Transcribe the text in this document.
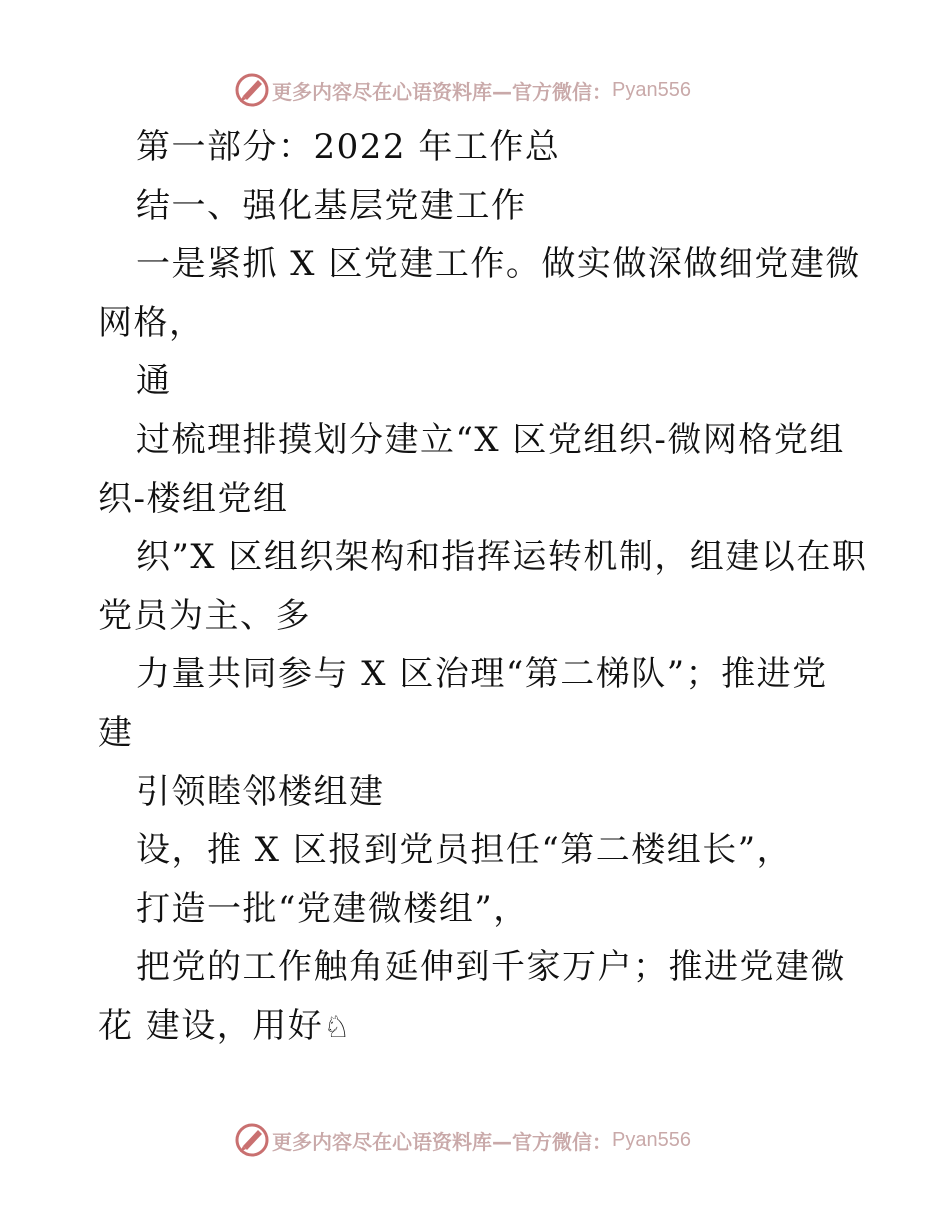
更多内容尽在心语资料库—官方微信： Pyan556
第一部分：2022 年工作总
结一、强化基层党建工作
一是紧抓 X 区党建工作。做实做深做细党建微
网格，
通
过梳理排摸划分建立“X 区党组织-微网格党组
织-楼组党组
织”X 区组织架构和指挥运转机制，组建以在职
党员为主、多
力量共同参与 X 区治理“第二梯队”；推进党
建
引领睦邻楼组建
设，推 X 区报到党员担任“第二楼组长”，
打造一批“党建微楼组”，
把党的工作触角延伸到千家万户；推进党建微
花 建设，用好♘
更多内容尽在心语资料库—官方微信： Pyan556
